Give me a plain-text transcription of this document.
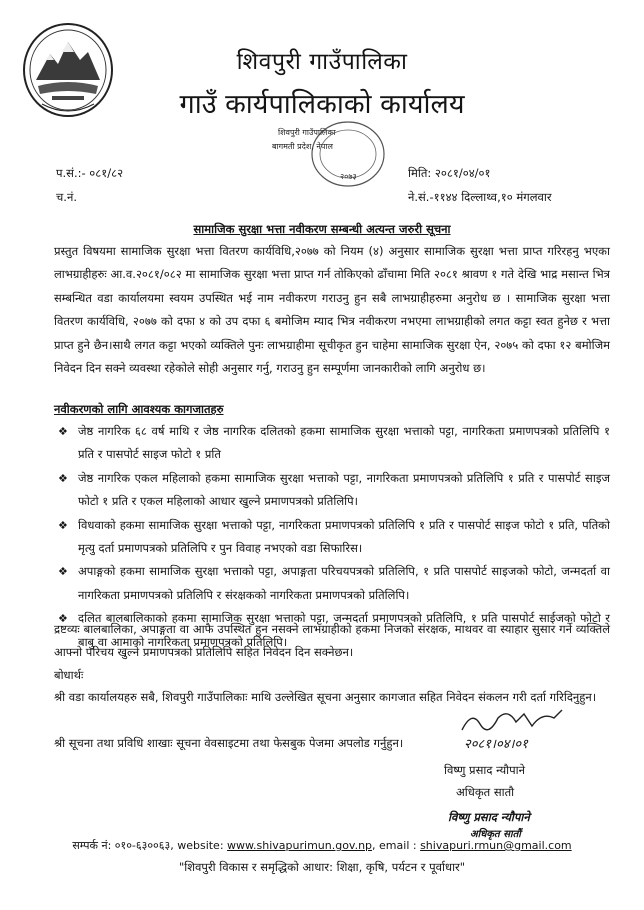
शिवपुरी गाउँपालिका
गाउँ कार्यपालिकाको कार्यालय
शिवपुरी गाउँपालिका
बागमती प्रदेश, नेपाल
२०७३
प.सं.:- ०८१/८२
च.नं.
मिति: २०८१/०४/०१
ने.सं.-११४४ दिल्लाथ्व,१० मंगलवार
सामाजिक सुरक्षा भत्ता नवीकरण सम्बन्धी अत्यन्त जरुरी सूचना
प्रस्तुत विषयमा सामाजिक सुरक्षा भत्ता वितरण कार्यविधि,२०७७ को नियम (४) अनुसार सामाजिक सुरक्षा भत्ता प्राप्त गरिरहनु भएका लाभग्राहीहरुः आ.व.२०८१/०८२ मा सामाजिक सुरक्षा भत्ता प्राप्त गर्न तोकिएको ढाँचामा मिति २०८१ श्रावण १ गते देखि भाद्र मसान्त भित्र सम्बन्धित वडा कार्यालयमा स्वयम उपस्थित भई नाम नवीकरण गराउनु हुन सबै लाभग्राहीहरुमा अनुरोध छ । सामाजिक सुरक्षा भत्ता वितरण कार्यविधि, २०७७ को दफा ४ को उप दफा ६ बमोजिम म्याद भित्र नवीकरण नभएमा लाभग्राहीको लगत कट्टा स्वत हुनेछ र भत्ता प्राप्त हुने छैन।साथै लगत कट्टा भएको व्यक्तिले पुनः लाभग्राहीमा सूचीकृत हुन चाहेमा सामाजिक सुरक्षा ऐन, २०७५ को दफा १२ बमोजिम निवेदन दिन सक्ने व्यवस्था रहेकोले सोही अनुसार गर्नु, गराउनु हुन सम्पूर्णमा जानकारीको लागि अनुरोध छ।
नवीकरणको लागि आवश्यक कागजातहरु
❖ जेष्ठ नागरिक ६८ वर्ष माथि र जेष्ठ नागरिक दलितको हकमा सामाजिक सुरक्षा भत्ताको पट्टा, नागरिकता प्रमाणपत्रको प्रतिलिपि १ प्रति र पासपोर्ट साइज फोटो १ प्रति
❖ जेष्ठ नागरिक एकल महिलाको हकमा सामाजिक सुरक्षा भत्ताको पट्टा, नागरिकता प्रमाणपत्रको प्रतिलिपि १ प्रति र पासपोर्ट साइज फोटो १ प्रति र एकल महिलाको आधार खुल्ने प्रमाणपत्रको प्रतिलिपि।
❖ विधवाको हकमा सामाजिक सुरक्षा भत्ताको पट्टा, नागरिकता प्रमाणपत्रको प्रतिलिपि १ प्रति र पासपोर्ट साइज फोटो १ प्रति, पतिको मृत्यु दर्ता प्रमाणपत्रको प्रतिलिपि र पुन विवाह नभएको वडा सिफारिस।
❖ अपाङ्गको हकमा सामाजिक सुरक्षा भत्ताको पट्टा, अपाङ्गता परिचयपत्रको प्रतिलिपि, १ प्रति पासपोर्ट साइजको फोटो, जन्मदर्ता वा नागरिकता प्रमाणपत्रको प्रतिलिपि र संरक्षकको नागरिकता प्रमाणपत्रको प्रतिलिपि।
❖ दलित बालबालिकाको हकमा सामाजिक सुरक्षा भत्ताको पट्टा, जन्मदर्ता प्रमाणपत्रको प्रतिलिपि, १ प्रति पासपोर्ट साईजको फोटो र बाबु वा आमाको नागरिकता प्रमाणपत्रको प्रतिलिपि।
द्रष्टव्यः बालबालिका, अपाङ्गता वा आफै उपस्थित हुन नसक्ने लाभग्राहीको हकमा निजको संरक्षक, माथवर वा स्याहार सुसार गर्ने व्यक्तिले आफ्नो परिचय खुल्ने प्रमाणपत्रको प्रतिलिपि सहित निवेदन दिन सक्नेछन।
बोधार्थः
श्री वडा कार्यालयहरु सबै, शिवपुरी गाउँपालिकाः माथि उल्लेखित सूचना अनुसार कागजात सहित निवेदन संकलन गरी दर्ता गरिदिनुहुन।
श्री सूचना तथा प्रविधि शाखाः सूचना वेवसाइटमा तथा फेसबुक पेजमा अपलोड गर्नुहुन।	२०८१।०४।०१
विष्णु प्रसाद न्यौपाने
अधिकृत सातौ
विष्णु प्रसाद न्यौपाने
अधिकृत सातौं
सम्पर्क नं: ०१०-६३००६३, website: www.shivapurimun.gov.np, email : shivapuri.rmun@gmail.com
"शिवपुरी विकास र समृद्धिको आधार: शिक्षा, कृषि, पर्यटन र पूर्वाधार"
